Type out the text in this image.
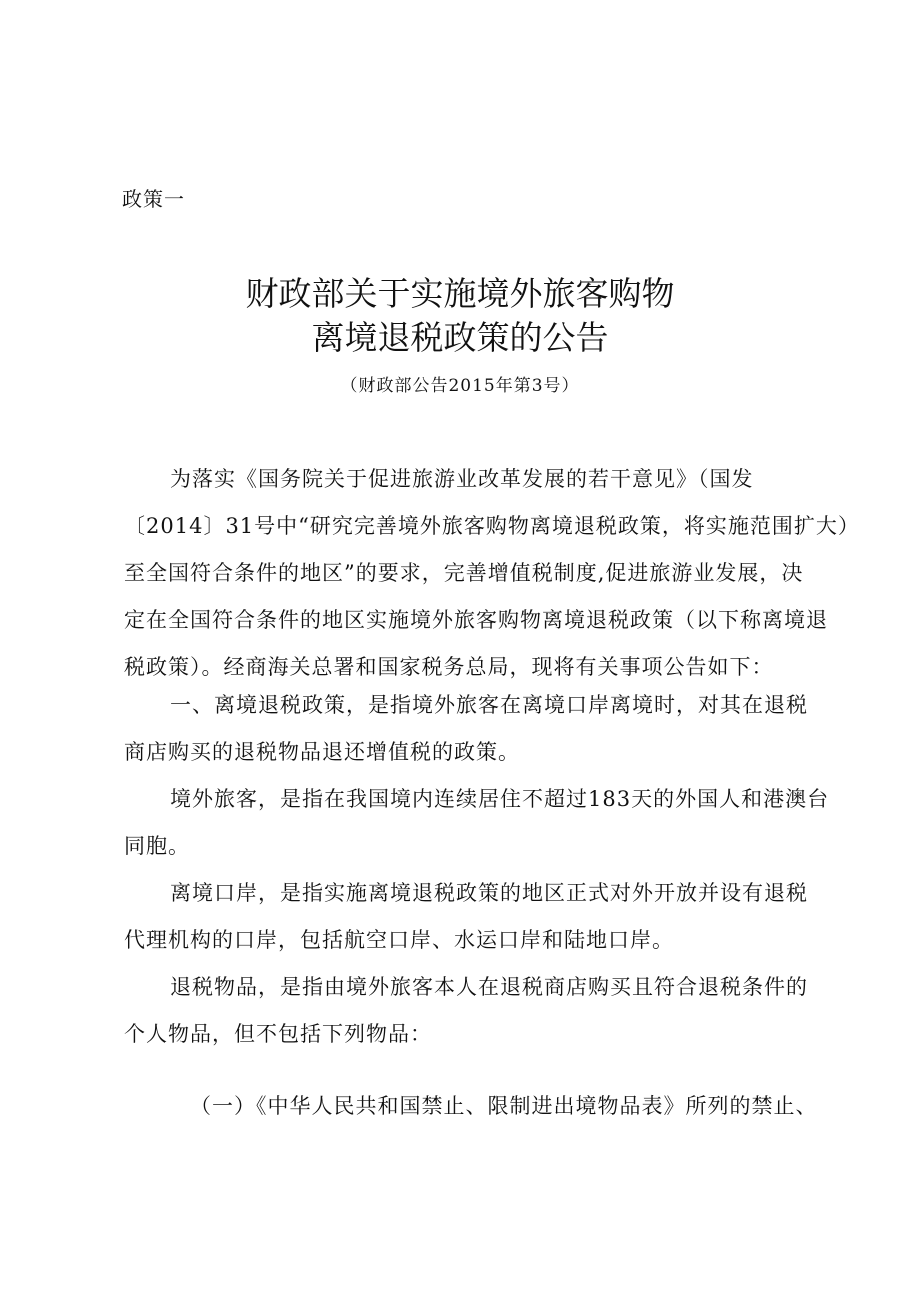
政策一
财政部关于实施境外旅客购物
离境退税政策的公告
（财政部公告2015年第3号）
为落实《国务院关于促进旅游业改革发展的若干意见》（国发
〔2014〕31号中“研究完善境外旅客购物离境退税政策，将实施范围扩大）
至全国符合条件的地区”的要求，完善增值税制度,促进旅游业发展，决
定在全国符合条件的地区实施境外旅客购物离境退税政策（以下称离境退
税政策）。经商海关总署和国家税务总局，现将有关事项公告如下：
一、离境退税政策，是指境外旅客在离境口岸离境时，对其在退税
商店购买的退税物品退还增值税的政策。
境外旅客，是指在我国境内连续居住不超过183天的外国人和港澳台
同胞。
离境口岸，是指实施离境退税政策的地区正式对外开放并设有退税
代理机构的口岸，包括航空口岸、水运口岸和陆地口岸。
退税物品，是指由境外旅客本人在退税商店购买且符合退税条件的
个人物品，但不包括下列物品：
（一）《中华人民共和国禁止、限制进出境物品表》所列的禁止、
